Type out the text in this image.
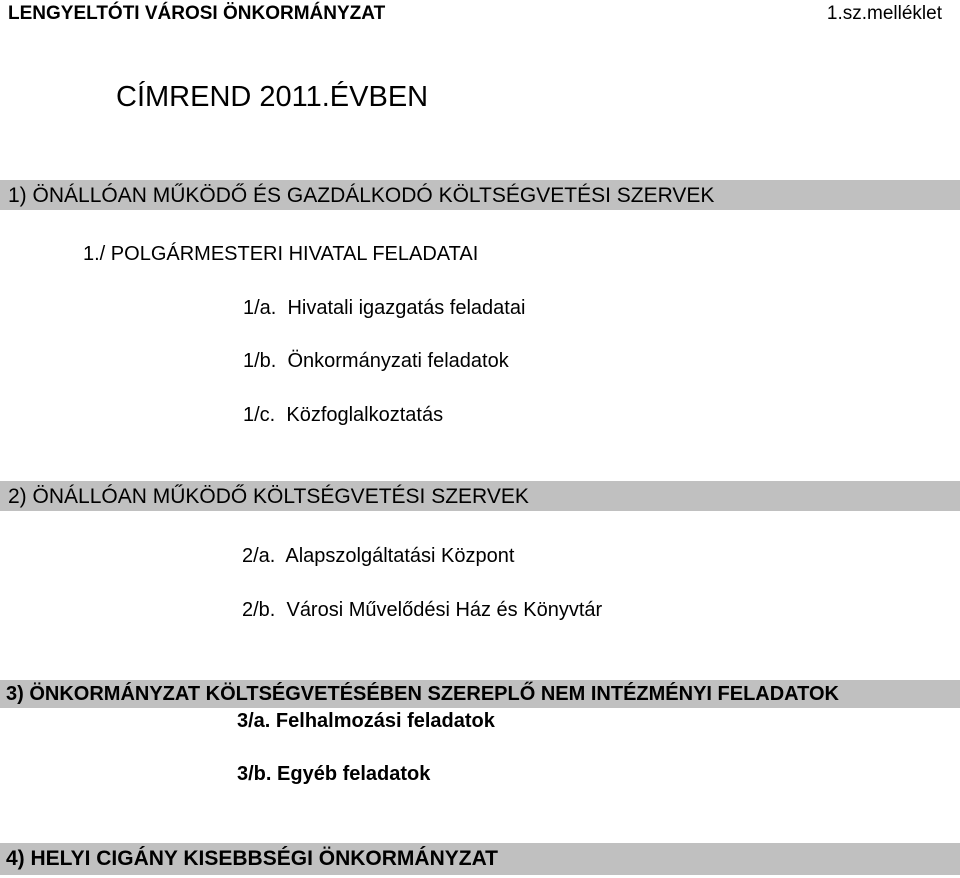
LENGYELTÓTI VÁROSI ÖNKORMÁNYZAT	1.sz.melléklet
CÍMREND 2011.ÉVBEN
1) ÖNÁLLÓAN MŰKÖDŐ ÉS GAZDÁLKODÓ KÖLTSÉGVETÉSI SZERVEK
1./ POLGÁRMESTERI HIVATAL FELADATAI
1/a.  Hivatali igazgatás feladatai
1/b.  Önkormányzati feladatok
1/c.  Közfoglalkoztatás
2) ÖNÁLLÓAN MŰKÖDŐ KÖLTSÉGVETÉSI SZERVEK
2/a.  Alapszolgáltatási Központ
2/b.  Városi Művelődési Ház és Könyvtár
3) ÖNKORMÁNYZAT KÖLTSÉGVETÉSÉBEN SZEREPLŐ NEM INTÉZMÉNYI FELADATOK
3/a. Felhalmozási feladatok
3/b. Egyéb feladatok
4) HELYI CIGÁNY KISEBBSÉGI ÖNKORMÁNYZAT
